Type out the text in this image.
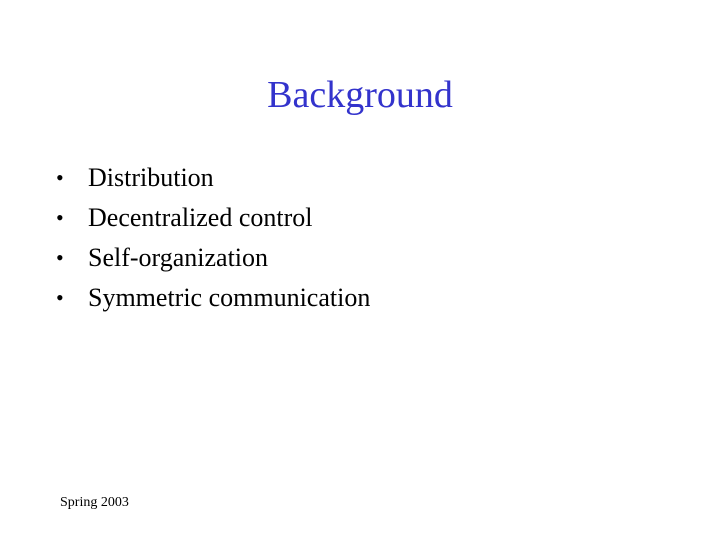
Background
• Distribution
• Decentralized control
• Self-organization
• Symmetric communication
Spring 2003
